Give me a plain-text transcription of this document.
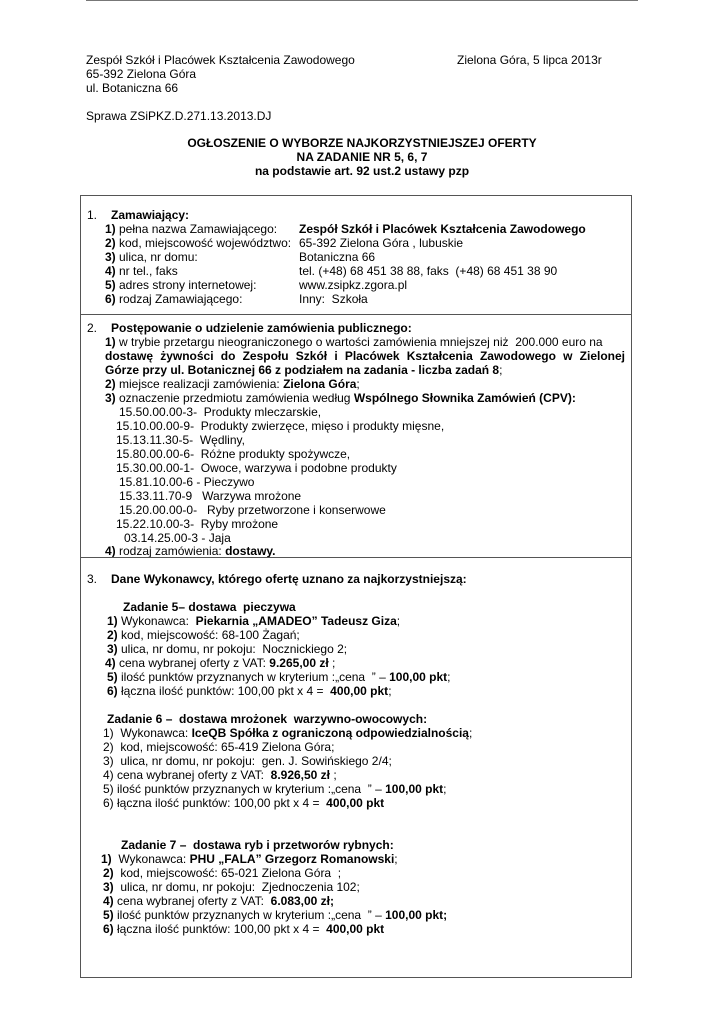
Zespół Szkół i Placówek Kształcenia Zawodowego
65-392 Zielona Góra
ul. Botaniczna 66
Zielona Góra, 5 lipca 2013r
Sprawa ZSiPKZ.D.271.13.2013.DJ
OGŁOSZENIE O WYBORZE NAJKORZYSTNIEJSZEJ OFERTY
NA ZADANIE NR 5, 6, 7
na podstawie art. 92 ust.2 ustawy pzp
1. Zamawiający:
1) pełna nazwa Zamawiającego: Zespół Szkół i Placówek Kształcenia Zawodowego
2) kod, miejscowość województwo: 65-392 Zielona Góra , lubuskie
3) ulica, nr domu:	Botaniczna 66
4) nr tel., faks	tel. (+48) 68 451 38 88, faks  (+48) 68 451 38 90
5) adres strony internetowej:	www.zsipkz.zgora.pl
6) rodzaj Zamawiającego:	Inny:  Szkoła
2. Postępowanie o udzielenie zamówienia publicznego:
1) w trybie przetargu nieograniczonego o wartości zamówienia mniejszej niż  200.000 euro na
dostawę żywności do Zespołu Szkół i Placówek Kształcenia Zawodowego w Zielonej
Górze przy ul. Botanicznej 66 z podziałem na zadania - liczba zadań 8;
2) miejsce realizacji zamówienia: Zielona Góra;
3) oznaczenie przedmiotu zamówienia według Wspólnego Słownika Zamówień (CPV):
15.50.00.00-3-  Produkty mleczarskie,
15.10.00.00-9-  Produkty zwierzęce, mięso i produkty mięsne,
15.13.11.30-5-  Wędliny,
15.80.00.00-6-  Różne produkty spożywcze,
15.30.00.00-1-  Owoce, warzywa i podobne produkty
15.81.10.00-6 - Pieczywo
15.33.11.70-9   Warzywa mrożone
15.20.00.00-0-   Ryby przetworzone i konserwowe
15.22.10.00-3-  Ryby mrożone
03.14.25.00-3 - Jaja
4) rodzaj zamówienia: dostawy.
3. Dane Wykonawcy, którego ofertę uznano za najkorzystniejszą:
Zadanie 5– dostawa  pieczywa
1) Wykonawca:  Piekarnia „AMADEO” Tadeusz Giza;
2) kod, miejscowość: 68-100 Żagań;
3) ulica, nr domu, nr pokoju:  Nocznickiego 2;
4) cena wybranej oferty z VAT: 9.265,00 zł ;
5) ilość punktów przyznanych w kryterium :„cena  ” – 100,00 pkt;
6) łączna ilość punktów: 100,00 pkt x 4 =  400,00 pkt;
Zadanie 6 –  dostawa mrożonek  warzywno-owocowych:
1)  Wykonawca: IceQB Spółka z ograniczoną odpowiedzialnością;
2)  kod, miejscowość: 65-419 Zielona Góra;
3)  ulica, nr domu, nr pokoju:  gen. J. Sowińskiego 2/4;
4) cena wybranej oferty z VAT:  8.926,50 zł ;
5) ilość punktów przyznanych w kryterium :„cena  ” – 100,00 pkt;
6) łączna ilość punktów: 100,00 pkt x 4 =  400,00 pkt
Zadanie 7 –  dostawa ryb i przetworów rybnych:
1)  Wykonawca: PHU „FALA” Grzegorz Romanowski;
2)  kod, miejscowość: 65-021 Zielona Góra  ;
3)  ulica, nr domu, nr pokoju:  Zjednoczenia 102;
4) cena wybranej oferty z VAT:  6.083,00 zł;
5) ilość punktów przyznanych w kryterium :„cena  ” – 100,00 pkt;
6) łączna ilość punktów: 100,00 pkt x 4 =  400,00 pkt
